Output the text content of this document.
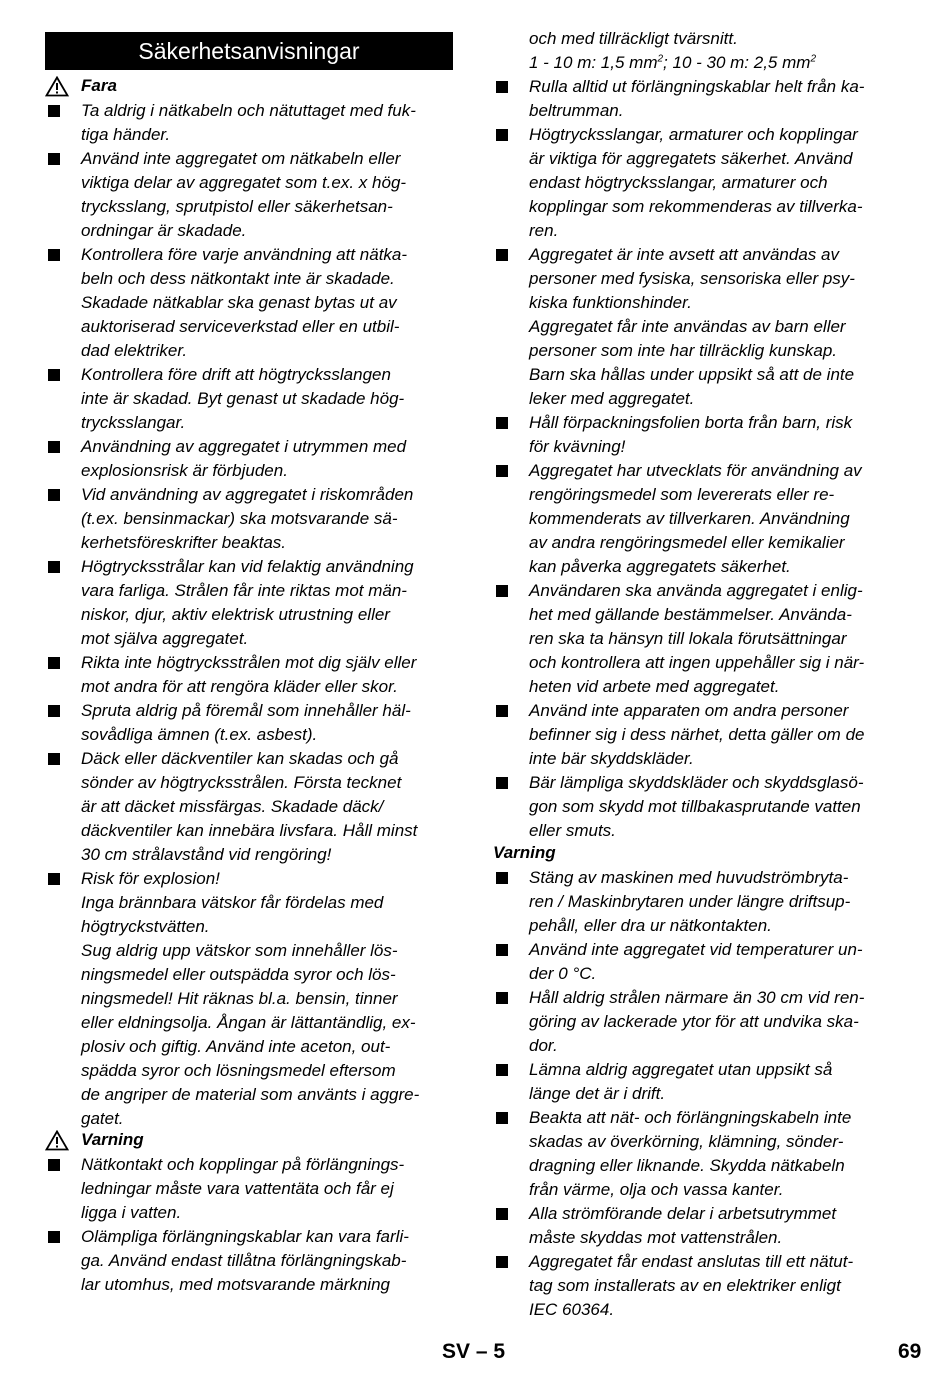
Säkerhetsanvisningar
Fara
Ta aldrig i nätkabeln och nätuttaget med fuk-
tiga händer.
Använd inte aggregatet om nätkabeln eller
viktiga delar av aggregatet som t.ex. x hög-
trycksslang, sprutpistol eller säkerhetsan-
ordningar är skadade.
Kontrollera före varje användning att nätka-
beln och dess nätkontakt inte är skadade.
Skadade nätkablar ska genast bytas ut av
auktoriserad serviceverkstad eller en utbil-
dad elektriker.
Kontrollera före drift att högtrycksslangen
inte är skadad. Byt genast ut skadade hög-
trycksslangar.
Användning av aggregatet i utrymmen med
explosionsrisk är förbjuden.
Vid användning av aggregatet i riskområden
(t.ex. bensinmackar) ska motsvarande sä-
kerhetsföreskrifter beaktas.
Högtrycksstrålar kan vid felaktig användning
vara farliga. Strålen får inte riktas mot män-
niskor, djur, aktiv elektrisk utrustning eller
mot själva aggregatet.
Rikta inte högtrycksstrålen mot dig själv eller
mot andra för att rengöra kläder eller skor.
Spruta aldrig på föremål som innehåller häl-
sovådliga ämnen (t.ex. asbest).
Däck eller däckventiler kan skadas och gå
sönder av högtrycksstrålen. Första tecknet
är att däcket missfärgas. Skadade däck/
däckventiler kan innebära livsfara. Håll minst
30 cm strålavstånd vid rengöring!
Risk för explosion!
Inga brännbara vätskor får fördelas med
högtryckstvätten.
Sug aldrig upp vätskor som innehåller lös-
ningsmedel eller outspädda syror och lös-
ningsmedel! Hit räknas bl.a. bensin, tinner
eller eldningsolja. Ångan är lättantändlig, ex-
plosiv och giftig. Använd inte aceton, out-
spädda syror och lösningsmedel eftersom
de angriper de material som använts i aggre-
gatet.
Varning
Nätkontakt och kopplingar på förlängnings-
ledningar måste vara vattentäta och får ej
ligga i vatten.
Olämpliga förlängningskablar kan vara farli-
ga. Använd endast tillåtna förlängningskab-
lar utomhus, med motsvarande märkning
och med tillräckligt tvärsnitt.
1 - 10 m: 1,5 $mm^2$; 10 - 30 m: 2,5 $mm^2$
Rulla alltid ut förlängningskablar helt från ka-
beltrumman.
Högtrycksslangar, armaturer och kopplingar
är viktiga för aggregatets säkerhet. Använd
endast högtrycksslangar, armaturer och
kopplingar som rekommenderas av tillverka-
ren.
Aggregatet är inte avsett att användas av
personer med fysiska, sensoriska eller psy-
kiska funktionshinder.
Aggregatet får inte användas av barn eller
personer som inte har tillräcklig kunskap.
Barn ska hållas under uppsikt så att de inte
leker med aggregatet.
Håll förpackningsfolien borta från barn, risk
för kvävning!
Aggregatet har utvecklats för användning av
rengöringsmedel som levererats eller re-
kommenderats av tillverkaren. Användning
av andra rengöringsmedel eller kemikalier
kan påverka aggregatets säkerhet.
Användaren ska använda aggregatet i enlig-
het med gällande bestämmelser. Använda-
ren ska ta hänsyn till lokala förutsättningar
och kontrollera att ingen uppehåller sig i när-
heten vid arbete med aggregatet.
Använd inte apparaten om andra personer
befinner sig i dess närhet, detta gäller om de
inte bär skyddskläder.
Bär lämpliga skyddskläder och skyddsglasö-
gon som skydd mot tillbakasprutande vatten
eller smuts.
Varning
Stäng av maskinen med huvudströmbryta-
ren / Maskinbrytaren under längre driftsup-
pehåll, eller dra ur nätkontakten.
Använd inte aggregatet vid temperaturer un-
der 0 °C.
Håll aldrig strålen närmare än 30 cm vid ren-
göring av lackerade ytor för att undvika ska-
dor.
Lämna aldrig aggregatet utan uppsikt så
länge det är i drift.
Beakta att nät- och förlängningskabeln inte
skadas av överkörning, klämning, sönder-
dragning eller liknande. Skydda nätkabeln
från värme, olja och vassa kanter.
Alla strömförande delar i arbetsutrymmet
måste skyddas mot vattenstrålen.
Aggregatet får endast anslutas till ett nätut-
tag som installerats av en elektriker enligt
IEC 60364.
SV – 5	69
